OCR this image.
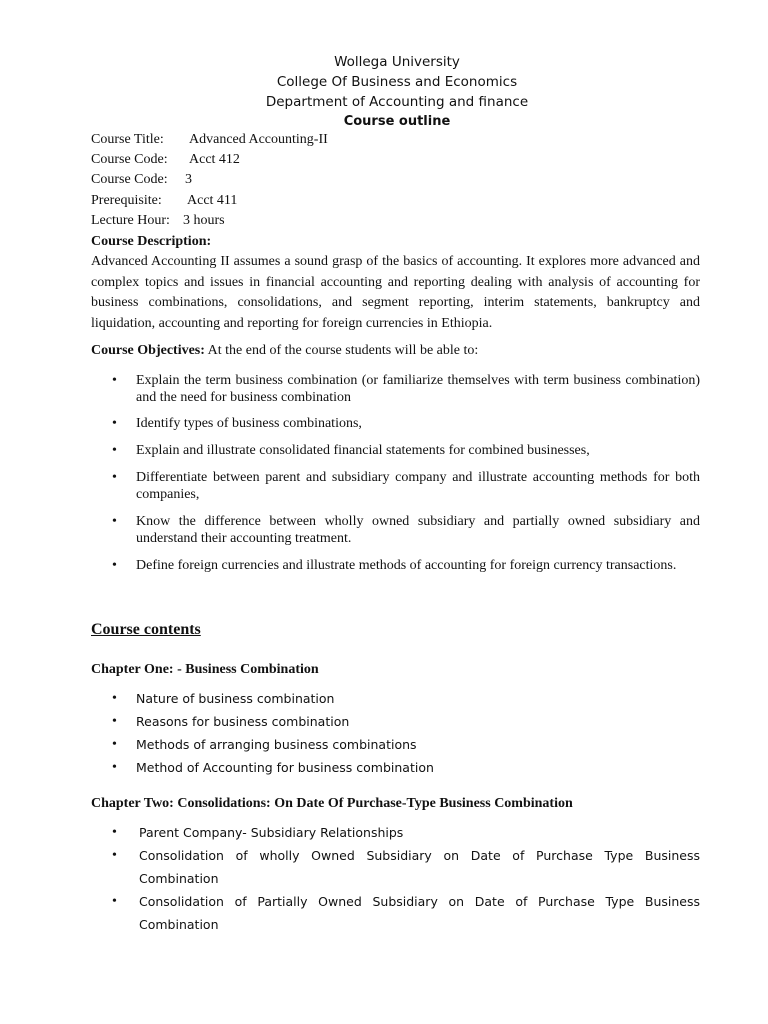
Wollega University
College Of Business and Economics
Department of Accounting and finance
Course outline
Course Title: Advanced Accounting-II
Course Code: Acct 412
Course Code: 3
Prerequisite: Acct 411
Lecture Hour: 3 hours
Course Description:
Advanced Accounting II assumes a sound grasp of the basics of accounting. It explores more advanced and complex topics and issues in financial accounting and reporting dealing with analysis of accounting for business combinations, consolidations, and segment reporting, interim statements, bankruptcy and liquidation, accounting and reporting for foreign currencies in Ethiopia.
Course Objectives: At the end of the course students will be able to:
• Explain the term business combination (or familiarize themselves with term business combination) and the need for business combination
• Identify types of business combinations,
• Explain and illustrate consolidated financial statements for combined businesses,
• Differentiate between parent and subsidiary company and illustrate accounting methods for both companies,
• Know the difference between wholly owned subsidiary and partially owned subsidiary and understand their accounting treatment.
• Define foreign currencies and illustrate methods of accounting for foreign currency transactions.
Course contents
Chapter One: - Business Combination
• Nature of business combination
• Reasons for business combination
• Methods of arranging business combinations
• Method of Accounting for business combination
Chapter Two: Consolidations: On Date Of Purchase-Type Business Combination
• Parent Company- Subsidiary Relationships
• Consolidation of wholly Owned Subsidiary on Date of Purchase Type Business Combination
• Consolidation of Partially Owned Subsidiary on Date of Purchase Type Business Combination
